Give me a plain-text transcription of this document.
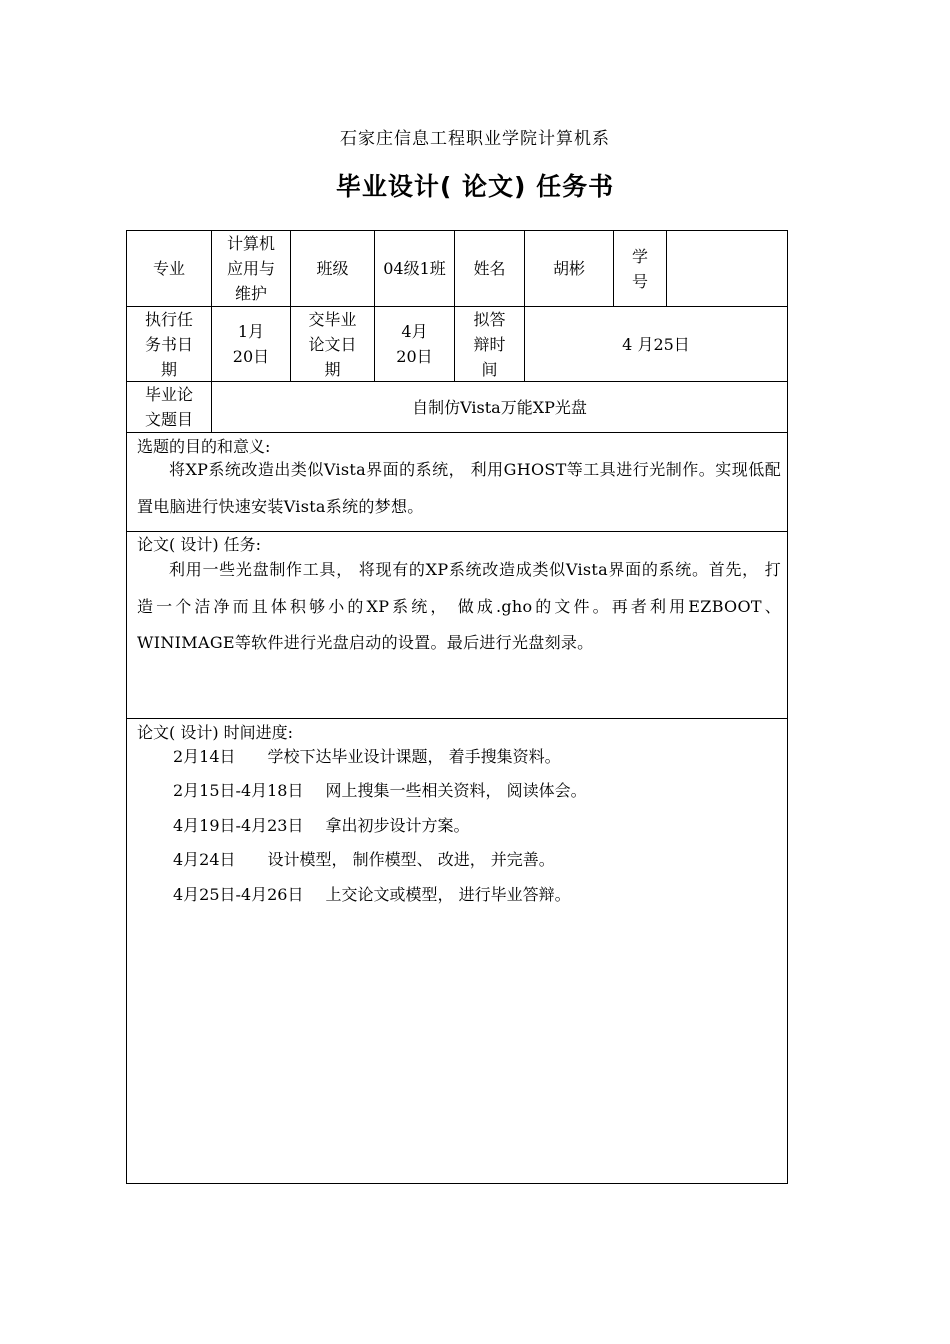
石家庄信息工程职业学院计算机系
毕业设计( 论文) 任务书
专业
计算机应用与维护
班级 04级1班 姓名	胡彬
学号
执行任务书日期
1月20日
交毕业论文日期
4月20日
拟答辩时间
4 月25日
毕业论文题目
自制仿Vista万能XP光盘
选题的目的和意义:
将XP系统改造出类似Vista界面的系统， 利用GHOST等工具进行光制作。实现低配置电脑进行快速安装Vista系统的梦想。
论文( 设计) 任务:
利用一些光盘制作工具， 将现有的XP系统改造成类似Vista界面的系统。首先， 打造一个洁净而且体积够小的XP系统， 做成.gho的文件。再者利用EZBOOT、 WINIMAGE等软件进行光盘启动的设置。最后进行光盘刻录。
论文( 设计) 时间进度:
2月14日 学校下达毕业设计课题， 着手搜集资料。
2月15日-4月18日 网上搜集一些相关资料， 阅读体会。
4月19日-4月23日 拿出初步设计方案。
4月24日 设计模型， 制作模型、 改进， 并完善。
4月25日-4月26日 上交论文或模型， 进行毕业答辩。
